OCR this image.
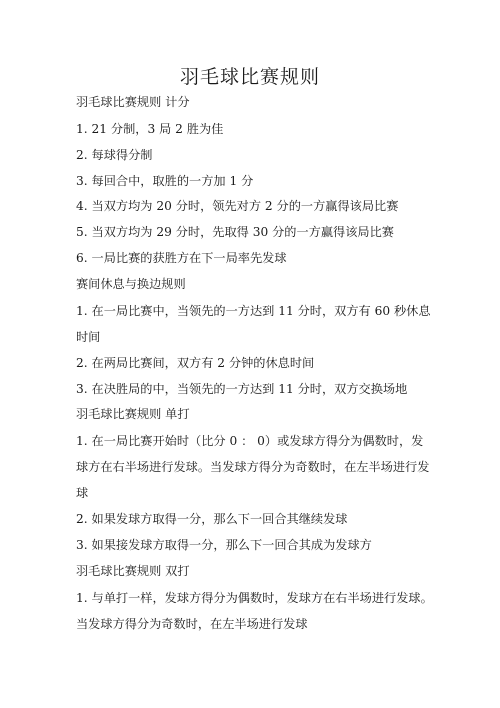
羽毛球比赛规则
羽毛球比赛规则 计分
1. 21 分制，3 局 2 胜为佳
2. 每球得分制
3. 每回合中，取胜的一方加 1 分
4. 当双方均为 20 分时，领先对方 2 分的一方赢得该局比赛
5. 当双方均为 29 分时，先取得 30 分的一方赢得该局比赛
6. 一局比赛的获胜方在下一局率先发球
赛间休息与换边规则
1. 在一局比赛中，当领先的一方达到 11 分时，双方有 60 秒休息
时间
2. 在两局比赛间，双方有 2 分钟的休息时间
3. 在决胜局的中，当领先的一方达到 11 分时，双方交换场地
羽毛球比赛规则 单打
1. 在一局比赛开始时（比分 0 ： 0）或发球方得分为偶数时，发
球方在右半场进行发球。当发球方得分为奇数时，在左半场进行发
球
2. 如果发球方取得一分，那么下一回合其继续发球
3. 如果接发球方取得一分，那么下一回合其成为发球方
羽毛球比赛规则 双打
1. 与单打一样，发球方得分为偶数时，发球方在右半场进行发球。
当发球方得分为奇数时，在左半场进行发球
